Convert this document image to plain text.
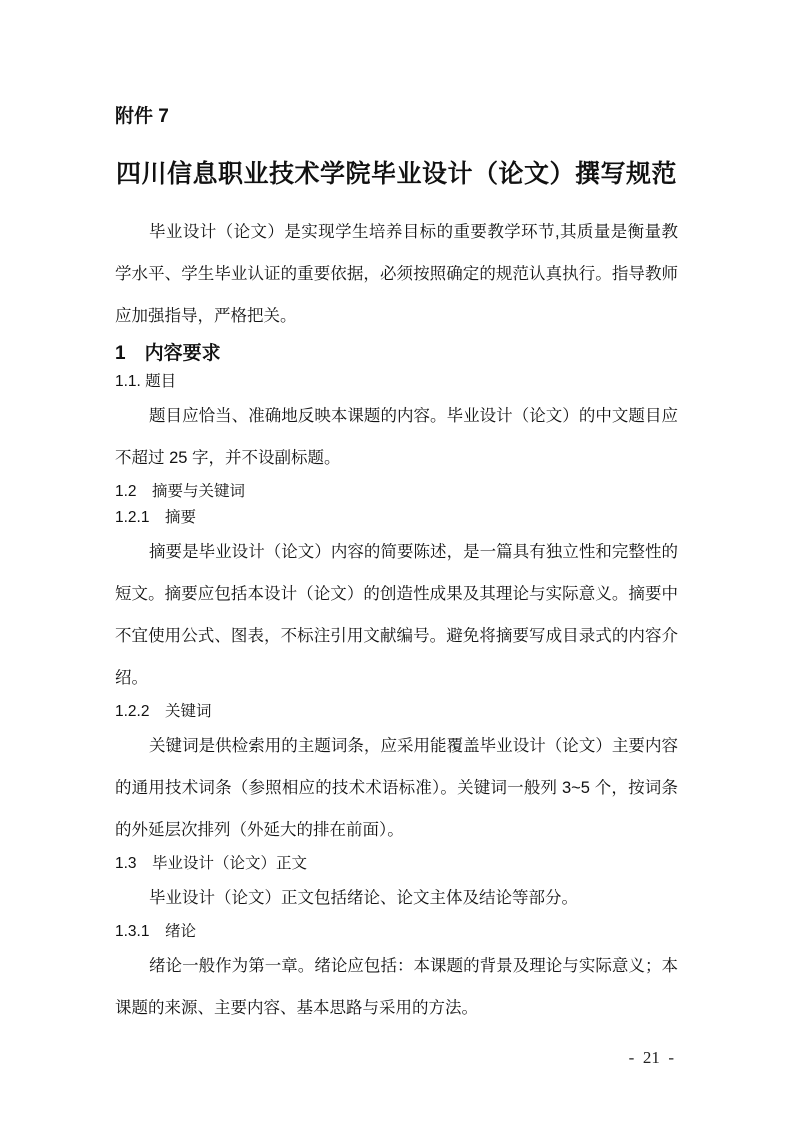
附件 7
四川信息职业技术学院毕业设计（论文）撰写规范

毕业设计（论文）是实现学生培养目标的重要教学环节,其质量是衡量教学水平、学生毕业认证的重要依据，必须按照确定的规范认真执行。指导教师应加强指导，严格把关。

1　内容要求
1.1. 题目

题目应恰当、准确地反映本课题的内容。毕业设计（论文）的中文题目应不超过 25 字，并不设副标题。

1.2　摘要与关键词
1.2.1　摘要

摘要是毕业设计（论文）内容的简要陈述，是一篇具有独立性和完整性的短文。摘要应包括本设计（论文）的创造性成果及其理论与实际意义。摘要中不宜使用公式、图表，不标注引用文献编号。避免将摘要写成目录式的内容介绍。

1.2.2　关键词

关键词是供检索用的主题词条，应采用能覆盖毕业设计（论文）主要内容的通用技术词条（参照相应的技术术语标准）。关键词一般列 3~5 个，按词条的外延层次排列（外延大的排在前面）。

1.3　毕业设计（论文）正文

毕业设计（论文）正文包括绪论、论文主体及结论等部分。

1.3.1　绪论

绪论一般作为第一章。绪论应包括：本课题的背景及理论与实际意义；本课题的来源、主要内容、基本思路与采用的方法。

-  21  -
